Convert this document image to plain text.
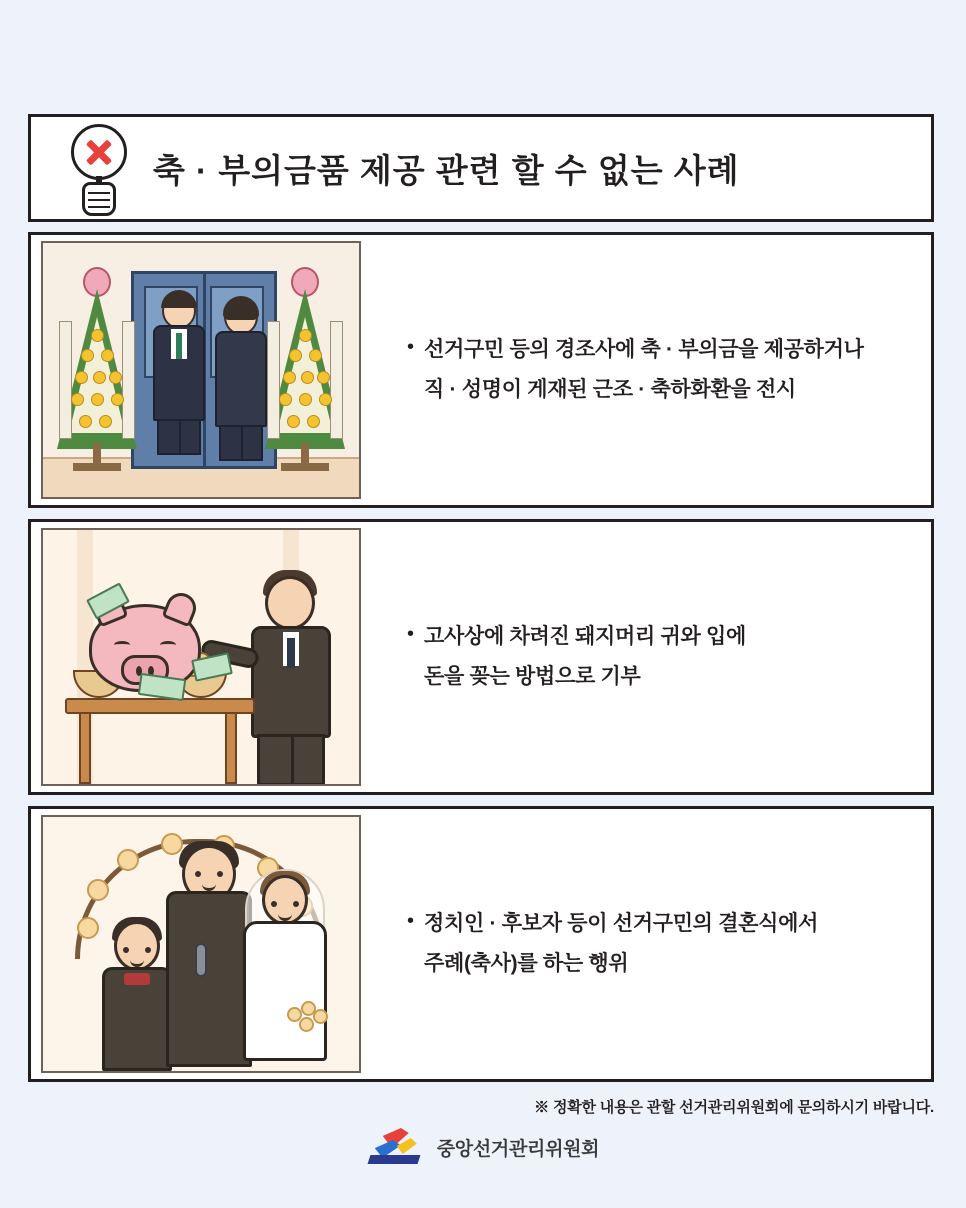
축 · 부의금품 제공 관련 할 수 없는 사례
• 선거구민 등의 경조사에 축 · 부의금을 제공하거나
직 · 성명이 게재된 근조 · 축하화환을 전시
• 고사상에 차려진 돼지머리 귀와 입에
돈을 꽂는 방법으로 기부
• 정치인 · 후보자 등이 선거구민의 결혼식에서
주례(축사)를 하는 행위
※ 정확한 내용은 관할 선거관리위원회에 문의하시기 바랍니다.
중앙선거관리위원회
